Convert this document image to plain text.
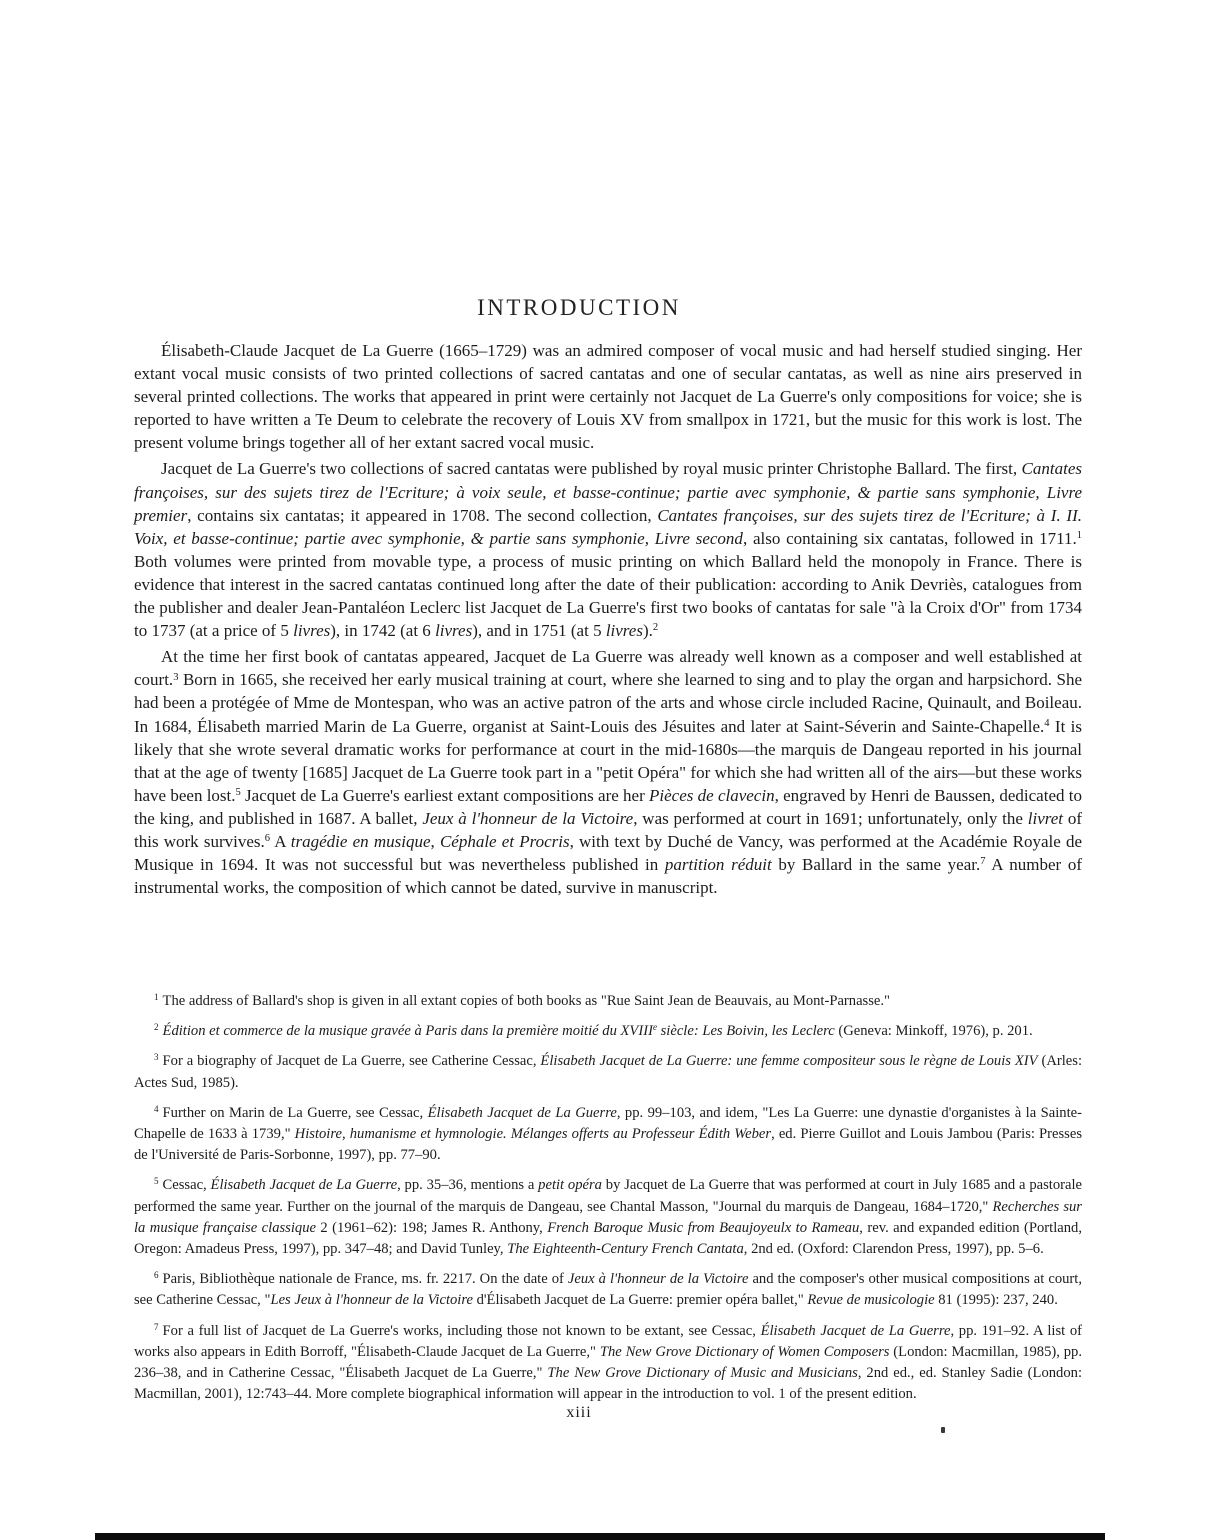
INTRODUCTION

Élisabeth-Claude Jacquet de La Guerre (1665–1729) was an admired composer of vocal music and had herself studied singing. Her extant vocal music consists of two printed collections of sacred cantatas and one of secular cantatas, as well as nine airs preserved in several printed collections. The works that appeared in print were certainly not Jacquet de La Guerre's only compositions for voice; she is reported to have written a Te Deum to celebrate the recovery of Louis XV from smallpox in 1721, but the music for this work is lost. The present volume brings together all of her extant sacred vocal music.

Jacquet de La Guerre's two collections of sacred cantatas were published by royal music printer Christophe Ballard. The first, Cantates françoises, sur des sujets tirez de l'Ecriture; à voix seule, et basse-continue; partie avec symphonie, & partie sans symphonie, Livre premier, contains six cantatas; it appeared in 1708. The second collection, Cantates françoises, sur des sujets tirez de l'Ecriture; à I. II. Voix, et basse-continue; partie avec symphonie, & partie sans symphonie, Livre second, also containing six cantatas, followed in 1711.$^1$ Both volumes were printed from movable type, a process of music printing on which Ballard held the monopoly in France. There is evidence that interest in the sacred cantatas continued long after the date of their publication: according to Anik Devriès, catalogues from the publisher and dealer Jean-Pantaléon Leclerc list Jacquet de La Guerre's first two books of cantatas for sale "à la Croix d'Or" from 1734 to 1737 (at a price of 5 livres), in 1742 (at 6 livres), and in 1751 (at 5 livres).$^2$

At the time her first book of cantatas appeared, Jacquet de La Guerre was already well known as a composer and well established at court.$^3$ Born in 1665, she received her early musical training at court, where she learned to sing and to play the organ and harpsichord. She had been a protégée of Mme de Montespan, who was an active patron of the arts and whose circle included Racine, Quinault, and Boileau. In 1684, Élisabeth married Marin de La Guerre, organist at Saint-Louis des Jésuites and later at Saint-Séverin and Sainte-Chapelle.$^4$ It is likely that she wrote several dramatic works for performance at court in the mid-1680s—the marquis de Dangeau reported in his journal that at the age of twenty [1685] Jacquet de La Guerre took part in a "petit Opéra" for which she had written all of the airs—but these works have been lost.$^5$ Jacquet de La Guerre's earliest extant compositions are her Pièces de clavecin, engraved by Henri de Baussen, dedicated to the king, and published in 1687. A ballet, Jeux à l'honneur de la Victoire, was performed at court in 1691; unfortunately, only the livret of this work survives.$^6$ A tragédie en musique, Céphale et Procris, with text by Duché de Vancy, was performed at the Académie Royale de Musique in 1694. It was not successful but was nevertheless published in partition réduit by Ballard in the same year.$^7$ A number of instrumental works, the composition of which cannot be dated, survive in manuscript.

$^1$ The address of Ballard's shop is given in all extant copies of both books as "Rue Saint Jean de Beauvais, au Mont-Parnasse."

$^2$ Édition et commerce de la musique gravée à Paris dans la première moitié du XVIIIe siècle: Les Boivin, les Leclerc (Geneva: Minkoff, 1976), p. 201.

$^3$ For a biography of Jacquet de La Guerre, see Catherine Cessac, Élisabeth Jacquet de La Guerre: une femme compositeur sous le règne de Louis XIV (Arles: Actes Sud, 1985).

$^4$ Further on Marin de La Guerre, see Cessac, Élisabeth Jacquet de La Guerre, pp. 99–103, and idem, "Les La Guerre: une dynastie d'organistes à la Sainte-Chapelle de 1633 à 1739," Histoire, humanisme et hymnologie. Mélanges offerts au Professeur Édith Weber, ed. Pierre Guillot and Louis Jambou (Paris: Presses de l'Université de Paris-Sorbonne, 1997), pp. 77–90.

$^5$ Cessac, Élisabeth Jacquet de La Guerre, pp. 35–36, mentions a petit opéra by Jacquet de La Guerre that was performed at court in July 1685 and a pastorale performed the same year. Further on the journal of the marquis de Dangeau, see Chantal Masson, "Journal du marquis de Dangeau, 1684–1720," Recherches sur la musique française classique 2 (1961–62): 198; James R. Anthony, French Baroque Music from Beaujoyeulx to Rameau, rev. and expanded edition (Portland, Oregon: Amadeus Press, 1997), pp. 347–48; and David Tunley, The Eighteenth-Century French Cantata, 2nd ed. (Oxford: Clarendon Press, 1997), pp. 5–6.

$^6$ Paris, Bibliothèque nationale de France, ms. fr. 2217. On the date of Jeux à l'honneur de la Victoire and the composer's other musical compositions at court, see Catherine Cessac, "Les Jeux à l'honneur de la Victoire d'Élisabeth Jacquet de La Guerre: premier opéra ballet," Revue de musicologie 81 (1995): 237, 240.

$^7$ For a full list of Jacquet de La Guerre's works, including those not known to be extant, see Cessac, Élisabeth Jacquet de La Guerre, pp. 191–92. A list of works also appears in Edith Borroff, "Élisabeth-Claude Jacquet de La Guerre," The New Grove Dictionary of Women Composers (London: Macmillan, 1985), pp. 236–38, and in Catherine Cessac, "Élisabeth Jacquet de La Guerre," The New Grove Dictionary of Music and Musicians, 2nd ed., ed. Stanley Sadie (London: Macmillan, 2001), 12:743–44. More complete biographical information will appear in the introduction to vol. 1 of the present edition.

xiii
